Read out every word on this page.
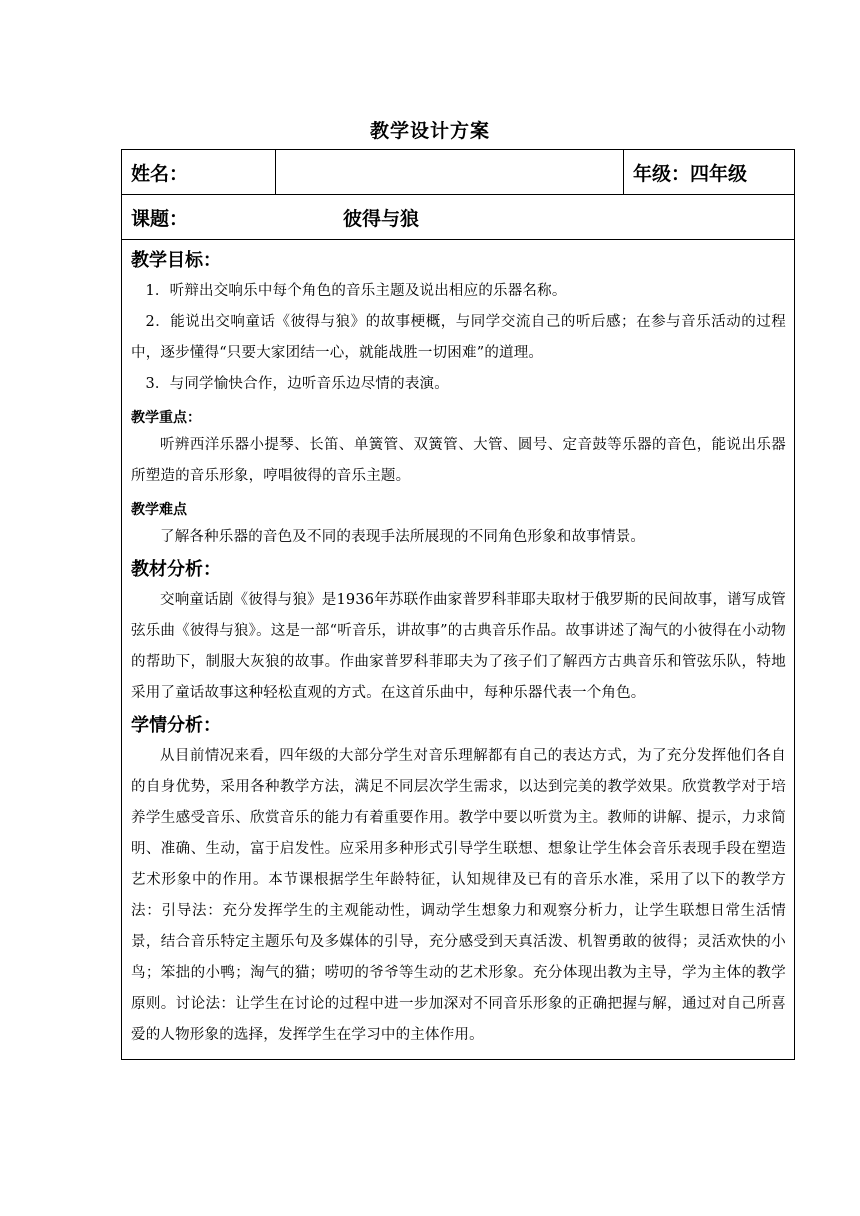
教学设计方案
姓名：		年级：四年级
课题：	彼得与狼

教学目标：
1．听辩出交响乐中每个角色的音乐主题及说出相应的乐器名称。
2．能说出交响童话《彼得与狼》的故事梗概，与同学交流自己的听后感；在参与音乐活动的过程中，逐步懂得“只要大家团结一心，就能战胜一切困难”的道理。
3．与同学愉快合作，边听音乐边尽情的表演。
教学重点：
听辨西洋乐器小提琴、长笛、单簧管、双簧管、大管、圆号、定音鼓等乐器的音色，能说出乐器所塑造的音乐形象，哼唱彼得的音乐主题。
教学难点
了解各种乐器的音色及不同的表现手法所展现的不同角色形象和故事情景。
教材分析：
交响童话剧《彼得与狼》是1936年苏联作曲家普罗科菲耶夫取材于俄罗斯的民间故事，谱写成管弦乐曲《彼得与狼》。这是一部“听音乐，讲故事”的古典音乐作品。故事讲述了淘气的小彼得在小动物的帮助下，制服大灰狼的故事。作曲家普罗科菲耶夫为了孩子们了解西方古典音乐和管弦乐队，特地采用了童话故事这种轻松直观的方式。在这首乐曲中，每种乐器代表一个角色。
学情分析：
从目前情况来看，四年级的大部分学生对音乐理解都有自己的表达方式，为了充分发挥他们各自的自身优势，采用各种教学方法，满足不同层次学生需求，以达到完美的教学效果。欣赏教学对于培养学生感受音乐、欣赏音乐的能力有着重要作用。教学中要以听赏为主。教师的讲解、提示，力求简明、准确、生动，富于启发性。应采用多种形式引导学生联想、想象让学生体会音乐表现手段在塑造艺术形象中的作用。本节课根据学生年龄特征，认知规律及已有的音乐水准，采用了以下的教学方法：引导法：充分发挥学生的主观能动性，调动学生想象力和观察分析力，让学生联想日常生活情景，结合音乐特定主题乐句及多媒体的引导，充分感受到天真活泼、机智勇敢的彼得；灵活欢快的小鸟；笨拙的小鸭；淘气的猫；唠叨的爷爷等生动的艺术形象。充分体现出教为主导，学为主体的教学原则。讨论法：让学生在讨论的过程中进一步加深对不同音乐形象的正确把握与解，通过对自己所喜爱的人物形象的选择，发挥学生在学习中的主体作用。
